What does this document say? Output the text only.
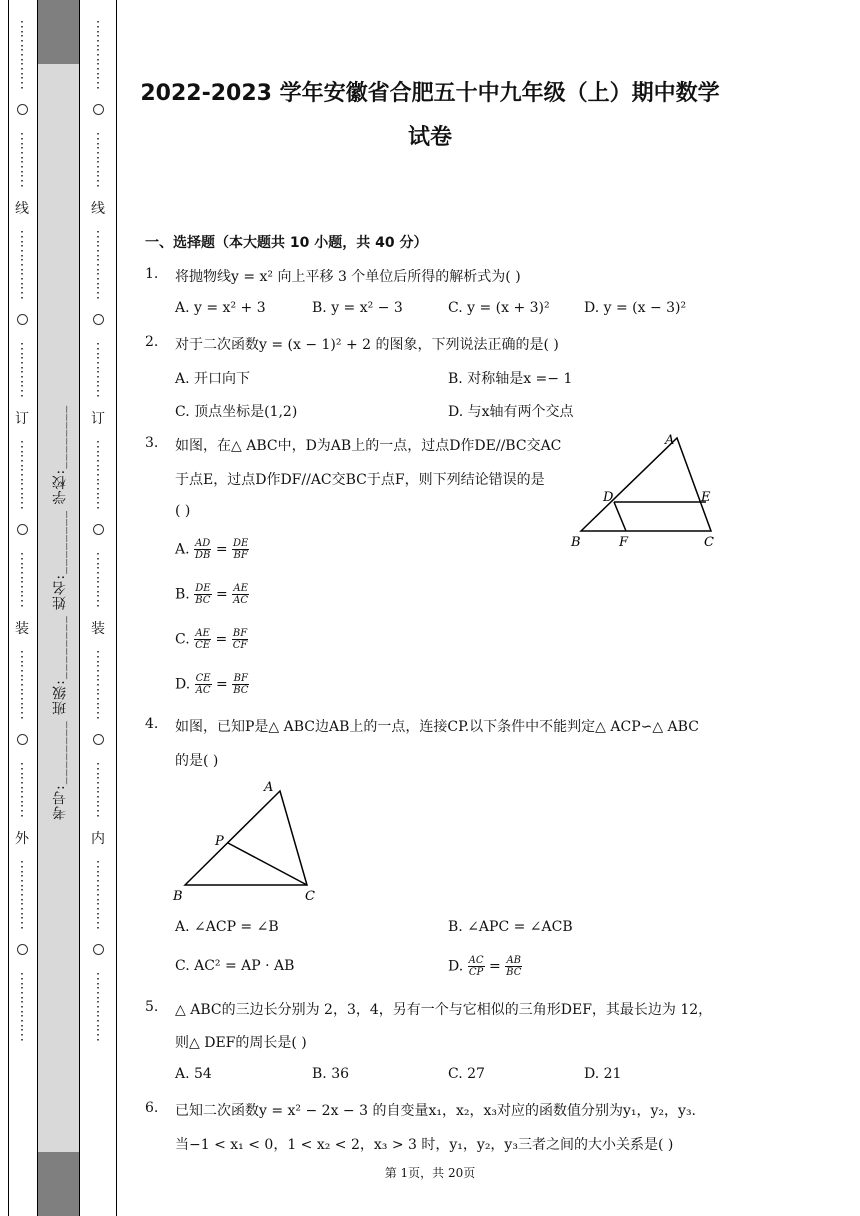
⋮
⋮
⋮
⋮
⋮

⋮
⋮
⋮
⋮

线

⋮
⋮
⋮
⋮
⋮

⋮
⋮
⋮
⋮

订

⋮
⋮
⋮
⋮
⋮

⋮
⋮
⋮
⋮

装

⋮
⋮
⋮
⋮
⋮

⋮
⋮
⋮
⋮

外

⋮
⋮
⋮
⋮
⋮

⋮
⋮
⋮
⋮
⋮
⋮
⋮
⋮
⋮
⋮

⋮
⋮
⋮
⋮

线

⋮
⋮
⋮
⋮
⋮

⋮
⋮
⋮
⋮

订

⋮
⋮
⋮
⋮
⋮

⋮
⋮
⋮
⋮

装

⋮
⋮
⋮
⋮
⋮

⋮
⋮
⋮
⋮

内

⋮
⋮
⋮
⋮
⋮

⋮
⋮
⋮
⋮
⋮
考号:________ 班级:________ 姓名:________ 学校:________
2022-2023 学年安徽省合肥五十中九年级（上）期中数学
试卷
一、选择题（本大题共 10 小题，共 40 分）
1. 将抛物线y = x² 向上平移 3 个单位后所得的解析式为( )
A. y = x² + 3	B. y = x² − 3	C. y = (x + 3)² D. y = (x − 3)²
2. 对于二次函数y = (x − 1)² + 2 的图象，下列说法正确的是( )
A. 开口向下	B. 对称轴是x =− 1
C. 顶点坐标是(1,2)	D. 与x轴有两个交点
3. 如图，在△ ABC中，D为AB上的一点，过点D作DE//BC交AC
于点E，过点D作DF//AC交BC于点F，则下列结论错误的是
( )
A. $\frac{AD}{DB} = \frac{DE}{BF}$
B. $\frac{DE}{BC} = \frac{AE}{AC}$
C. $\frac{AE}{CE} = \frac{BF}{CF}$
D. $\frac{CE}{AC} = \frac{BF}{BC}$
A
D	E
B	F	C
4. 如图，已知P是△ ABC边AB上的一点，连接CP.以下条件中不能判定△ ACP∽△ ABC
的是( )
A
P
B	C
A. ∠ACP = ∠B	B. ∠APC = ∠ACB
C. AC² = AP · AB	D. $\frac{AC}{CP} = \frac{AB}{BC}$
5. △ ABC的三边长分别为 2，3，4，另有一个与它相似的三角形DEF，其最长边为 12，
则△ DEF的周长是( )
A. 54	B. 36	C. 27	D. 21
6. 已知二次函数y = x² − 2x − 3 的自变量x₁，x₂，x₃对应的函数值分别为y₁，y₂，y₃.
当−1 < x₁ < 0，1 < x₂ < 2，x₃ > 3 时，y₁，y₂，y₃三者之间的大小关系是( )
第 1页，共 20页
